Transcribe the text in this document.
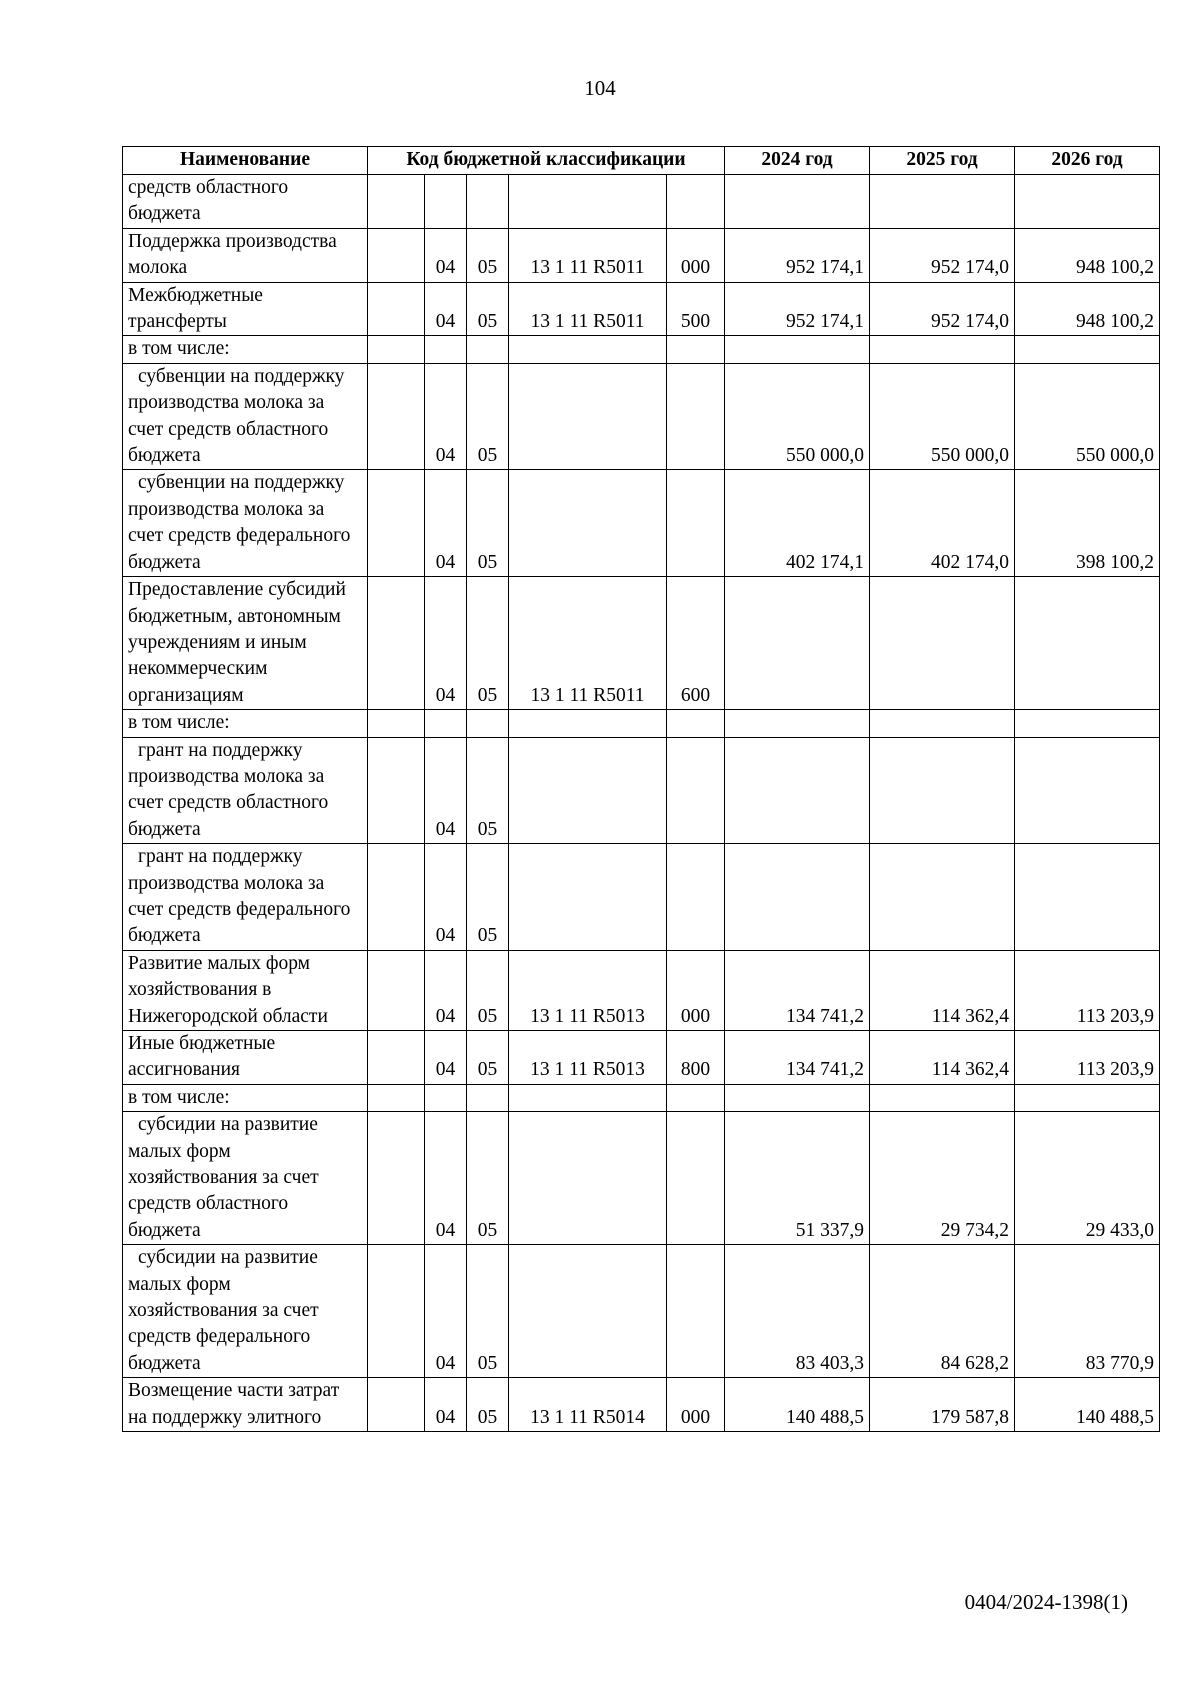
104
Наименование	Код бюджетной классификации					2024 год	2025 год	2026 год
средств областного бюджета								
Поддержка производства молока		04	05	13 1 11 R5011	000	952 174,1	952 174,0	948 100,2
Межбюджетные трансферты		04	05	13 1 11 R5011	500	952 174,1	952 174,0	948 100,2
в том числе:								
субвенции на поддержку производства молока за счет средств областного бюджета		04	05			550 000,0	550 000,0	550 000,0
субвенции на поддержку производства молока за счет средств федерального бюджета		04	05			402 174,1	402 174,0	398 100,2
Предоставление субсидий бюджетным, автономным учреждениям и иным некоммерческим организациям		04	05	13 1 11 R5011	600			
в том числе:								
грант на поддержку производства молока за счет средств областного бюджета		04	05					
грант на поддержку производства молока за счет средств федерального бюджета		04	05					
Развитие малых форм хозяйствования в Нижегородской области		04	05	13 1 11 R5013	000	134 741,2	114 362,4	113 203,9
Иные бюджетные ассигнования		04	05	13 1 11 R5013	800	134 741,2	114 362,4	113 203,9
в том числе:								
субсидии на развитие малых форм хозяйствования за счет средств областного бюджета		04	05			51 337,9	29 734,2	29 433,0
субсидии на развитие малых форм хозяйствования за счет средств федерального бюджета		04	05			83 403,3	84 628,2	83 770,9
Возмещение части затрат на поддержку элитного		04	05	13 1 11 R5014	000	140 488,5	179 587,8	140 488,5
0404/2024-1398(1)
